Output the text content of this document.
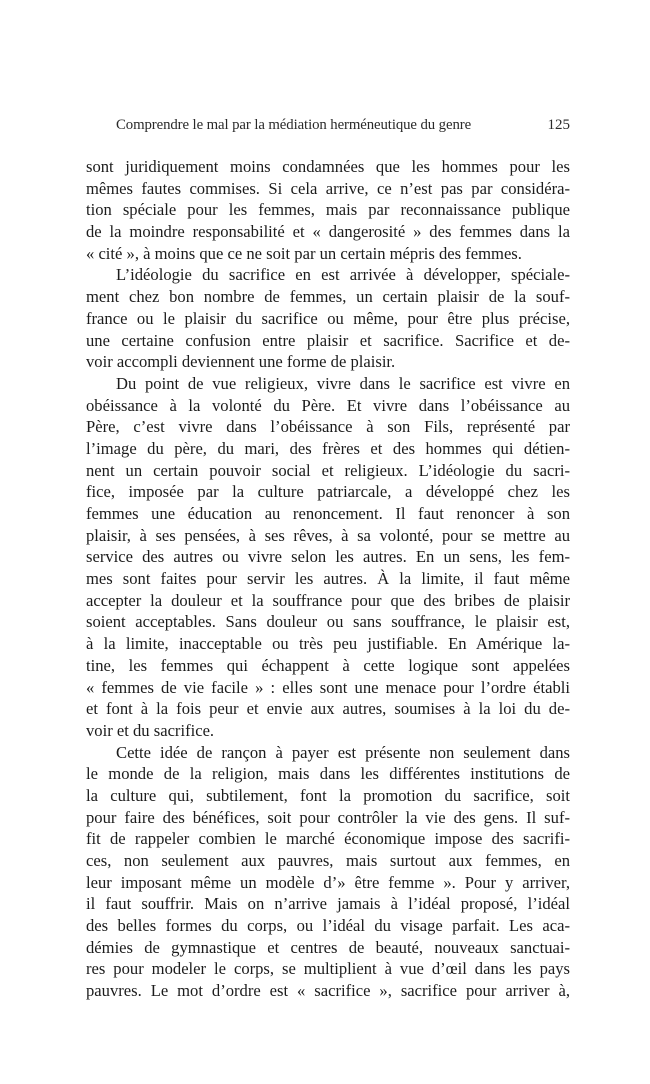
Comprendre le mal par la médiation herméneutique du genre	125
sont juridiquement moins condamnées que les hommes pour les
mêmes fautes commises. Si cela arrive, ce n’est pas par considéra-
tion spéciale pour les femmes, mais par reconnaissance publique
de la moindre responsabilité et « dangerosité » des femmes dans la
« cité », à moins que ce ne soit par un certain mépris des femmes.
L’idéologie du sacrifice en est arrivée à développer, spéciale-
ment chez bon nombre de femmes, un certain plaisir de la souf-
france ou le plaisir du sacrifice ou même, pour être plus précise,
une certaine confusion entre plaisir et sacrifice. Sacrifice et de-
voir accompli deviennent une forme de plaisir.
Du point de vue religieux, vivre dans le sacrifice est vivre en
obéissance à la volonté du Père. Et vivre dans l’obéissance au
Père, c’est vivre dans l’obéissance à son Fils, représenté par
l’image du père, du mari, des frères et des hommes qui détien-
nent un certain pouvoir social et religieux. L’idéologie du sacri-
fice, imposée par la culture patriarcale, a développé chez les
femmes une éducation au renoncement. Il faut renoncer à son
plaisir, à ses pensées, à ses rêves, à sa volonté, pour se mettre au
service des autres ou vivre selon les autres. En un sens, les fem-
mes sont faites pour servir les autres. À la limite, il faut même
accepter la douleur et la souffrance pour que des bribes de plaisir
soient acceptables. Sans douleur ou sans souffrance, le plaisir est,
à la limite, inacceptable ou très peu justifiable. En Amérique la-
tine, les femmes qui échappent à cette logique sont appelées
« femmes de vie facile » : elles sont une menace pour l’ordre établi
et font à la fois peur et envie aux autres, soumises à la loi du de-
voir et du sacrifice.
Cette idée de rançon à payer est présente non seulement dans
le monde de la religion, mais dans les différentes institutions de
la culture qui, subtilement, font la promotion du sacrifice, soit
pour faire des bénéfices, soit pour contrôler la vie des gens. Il suf-
fit de rappeler combien le marché économique impose des sacrifi-
ces, non seulement aux pauvres, mais surtout aux femmes, en
leur imposant même un modèle d’» être femme ». Pour y arriver,
il faut souffrir. Mais on n’arrive jamais à l’idéal proposé, l’idéal
des belles formes du corps, ou l’idéal du visage parfait. Les aca-
démies de gymnastique et centres de beauté, nouveaux sanctuai-
res pour modeler le corps, se multiplient à vue d’œil dans les pays
pauvres. Le mot d’ordre est « sacrifice », sacrifice pour arriver à,
